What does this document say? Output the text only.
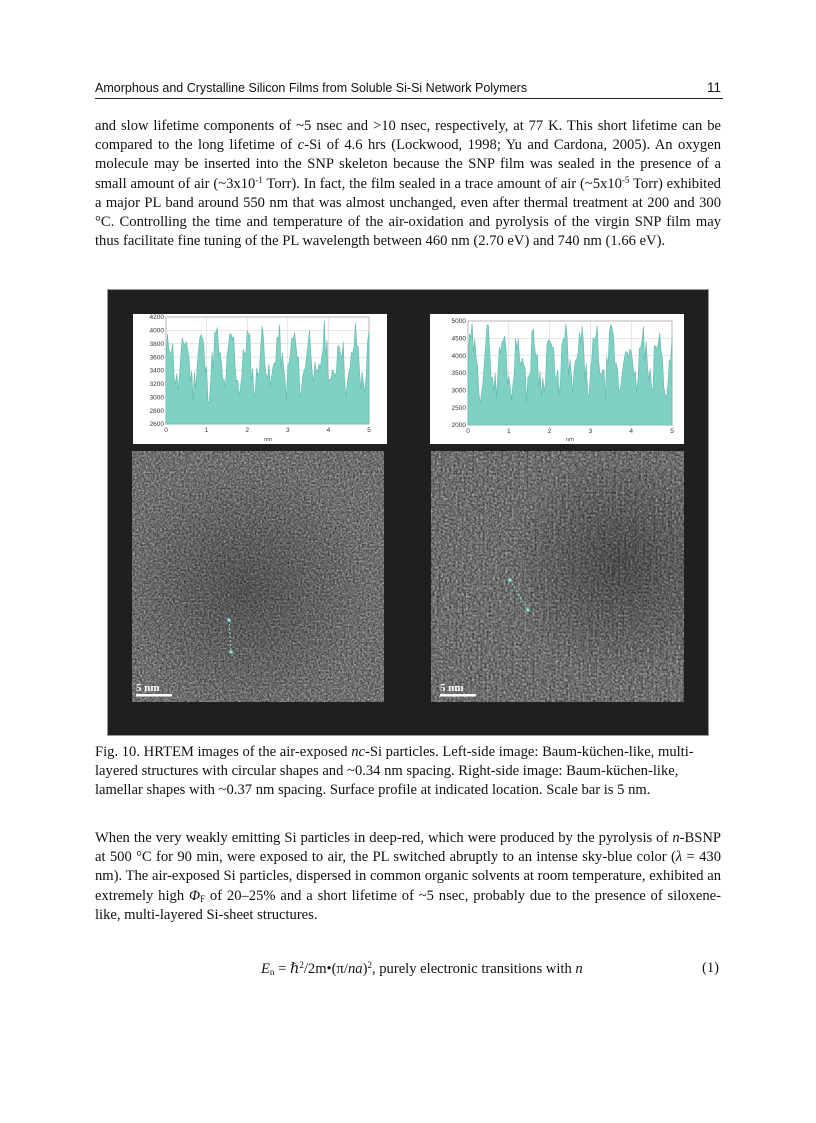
Amorphous and Crystalline Silicon Films from Soluble Si-Si Network Polymers	11

and slow lifetime components of ~5 nsec and >10 nsec, respectively, at 77 K. This short lifetime can be compared to the long lifetime of c-Si of 4.6 hrs (Lockwood, 1998; Yu and Cardona, 2005). An oxygen molecule may be inserted into the SNP skeleton because the SNP film was sealed in the presence of a small amount of air ($\sim 3x10^{-1}$ Torr). In fact, the film sealed in a trace amount of air ($\sim 5x10^{-5}$ Torr) exhibited a major PL band around 550 nm that was almost unchanged, even after thermal treatment at 200 and 300 °C. Controlling the time and temperature of the air-oxidation and pyrolysis of the virgin SNP film may thus facilitate fine tuning of the PL wavelength between 460 nm (2.70 eV) and 740 nm (1.66 eV).

4200
4000
3800
3600
3400
3200
3000
2800
2600
0	1	2	3	4	5
nm
5000
4500
4000
3500
3000
2500
2000
0	1	2	3	4	5
nm
5 nm	5 nm

Fig. 10. HRTEM images of the air-exposed nc-Si particles. Left-side image: Baum-küchen-like, multi-layered structures with circular shapes and ~0.34 nm spacing. Right-side image: Baum-küchen-like, lamellar shapes with ~0.37 nm spacing. Surface profile at indicated location. Scale bar is 5 nm.

When the very weakly emitting Si particles in deep-red, which were produced by the pyrolysis of n-BSNP at 500 °C for 90 min, were exposed to air, the PL switched abruptly to an intense sky-blue color (λ = 430 nm). The air-exposed Si particles, dispersed in common organic solvents at room temperature, exhibited an extremely high $\Phi_F$ of 20–25% and a short lifetime of ~5 nsec, probably due to the presence of siloxene-like, multi-layered Si-sheet structures.

$E_n$ = $\hbar^2/2m•(\pi/na)^2$, purely electronic transitions with n	(1)
